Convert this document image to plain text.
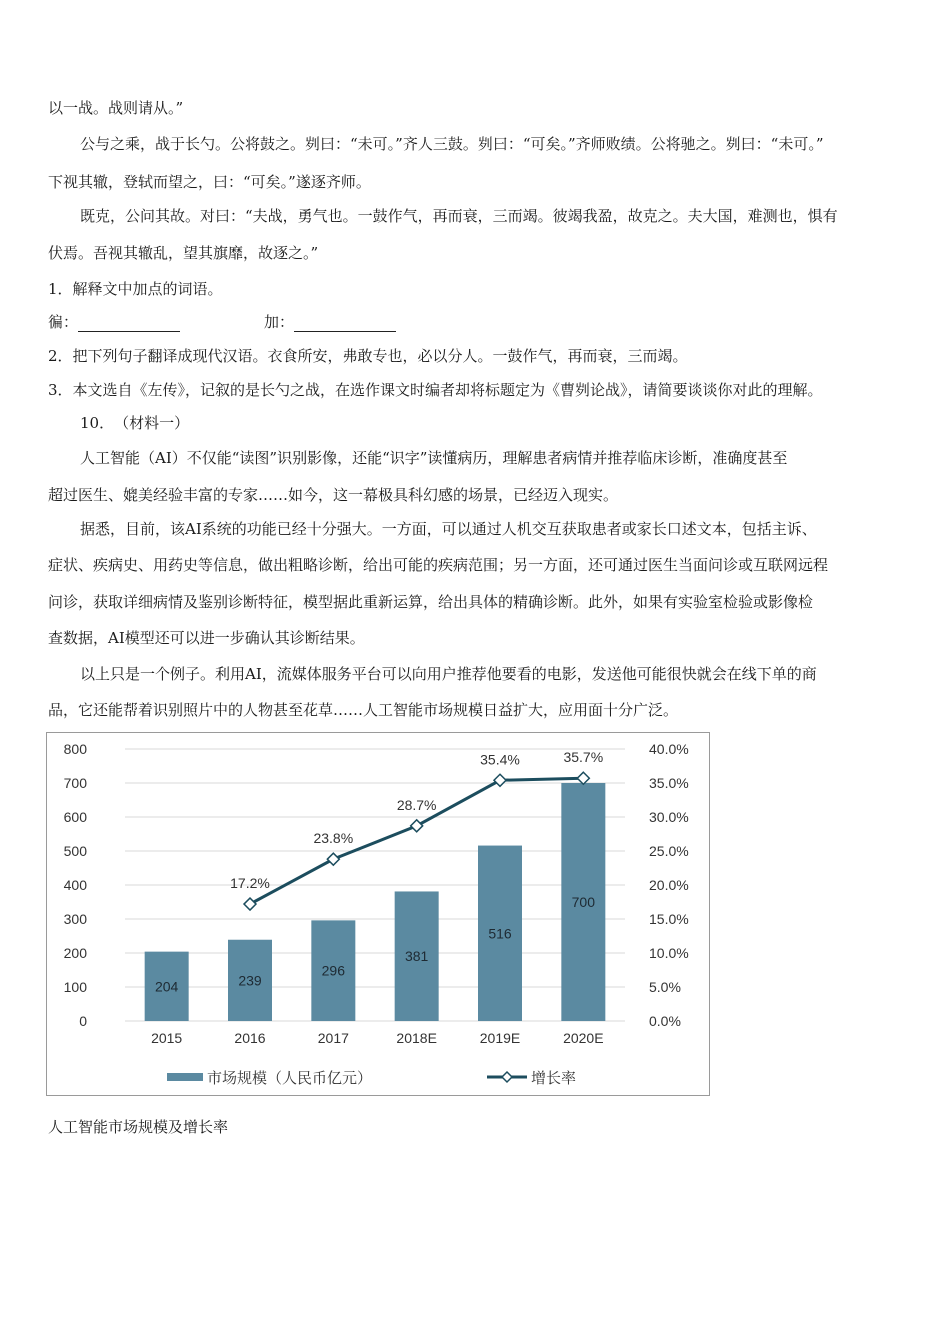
以一战。战则请从。”
公与之乘，战于长勺。公将鼓之。刿曰：“未可。”齐人三鼓。刿曰：“可矣。”齐师败绩。公将驰之。刿曰：“未可。”
下视其辙，登轼而望之，曰：“可矣。”遂逐齐师。
既克，公问其故。对曰：“夫战，勇气也。一鼓作气，再而衰，三而竭。彼竭我盈，故克之。夫大国，难测也，惧有
伏焉。吾视其辙乱，望其旗靡，故逐之。”
1．解释文中加点的词语。
徧：	加：
2．把下列句子翻译成现代汉语。衣食所安，弗敢专也，必以分人。一鼓作气，再而衰，三而竭。
3．本文选自《左传》，记叙的是长勺之战，在选作课文时编者却将标题定为《曹刿论战》，请简要谈谈你对此的理解。
10．　（材料一）
人工智能（AI）不仅能“读图”识别影像，还能“识字”读懂病历，理解患者病情并推荐临床诊断，准确度甚至
超过医生、媲美经验丰富的专家……如今，这一幕极具科幻感的场景，已经迈入现实。
据悉，目前，该AI系统的功能已经十分强大。一方面，可以通过人机交互获取患者或家长口述文本，包括主诉、
症状、疾病史、用药史等信息，做出粗略诊断，给出可能的疾病范围；另一方面，还可通过医生当面问诊或互联网远程
问诊，获取详细病情及鉴别诊断特征，模型据此重新运算，给出具体的精确诊断。此外，如果有实验室检验或影像检
查数据，AI模型还可以进一步确认其诊断结果。
以上只是一个例子。利用AI，流媒体服务平台可以向用户推荐他要看的电影，发送他可能很快就会在线下单的商
品，它还能帮着识别照片中的人物甚至花草……人工智能市场规模日益扩大，应用面十分广泛。
0
100
200
300
400
500
600
700
800
0.0%
5.0%
10.0%
15.0%
20.0%
25.0%
30.0%
35.0%
40.0%
204	239
296
381
516
700
2015	2016	2017	2018E	2019E	2020E
17.2%
23.8%
28.7%
35.4%	35.7%
市场规模（人民币亿元）	增长率
人工智能市场规模及增长率
